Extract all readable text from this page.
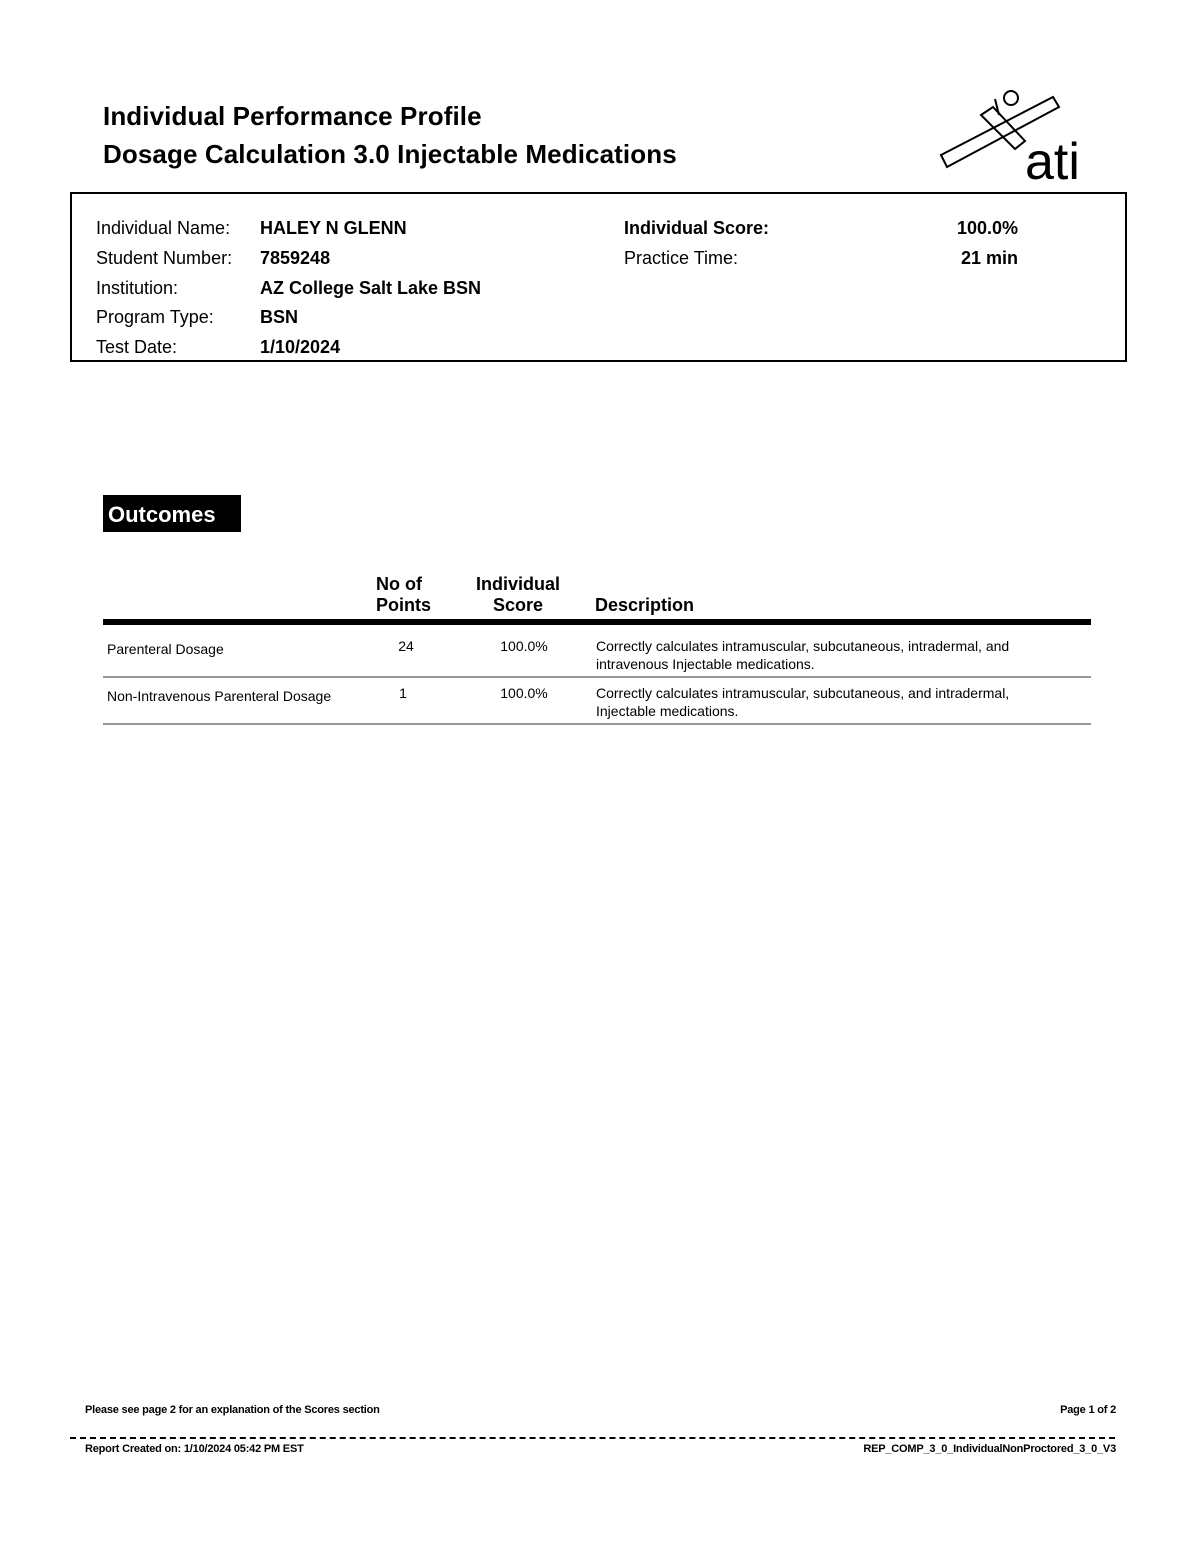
Individual Performance Profile
Dosage Calculation 3.0 Injectable Medications	ati
Individual Name: HALEY N GLENN
Student Number: 7859248
Institution:	AZ College Salt Lake BSN
Program Type:	BSN
Test Date:	1/10/2024
Individual Score:	100.0%
Practice Time:	21 min
Outcomes
No of
Points
Individual
Score	Description
Parenteral Dosage	24	100.0%	Correctly calculates intramuscular, subcutaneous, intradermal, and
intravenous Injectable medications.
Non-Intravenous Parenteral Dosage	1	100.0%	Correctly calculates intramuscular, subcutaneous, and intradermal,
Injectable medications.
Please see page 2 for an explanation of the Scores section	Page 1 of 2
Report Created on: 1/10/2024 05:42 PM EST	REP_COMP_3_0_IndividualNonProctored_3_0_V3
